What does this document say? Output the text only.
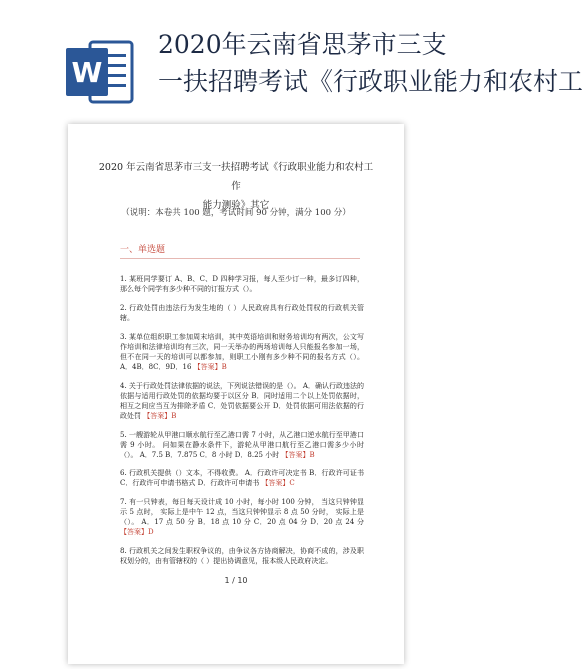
W
2020年云南省思茅市三支
一扶招聘考试《行政职业能力和农村工
2020 年云南省思茅市三支一扶招聘考试《行政职业能力和农村工作
能力测验》其它
（说明：本卷共 100 题，考试时间 90 分钟，满分 100 分）
一、单选题
1. 某班同学要订 A、B、C、D 四种学习报，每人至少订一种，最多订四种，那么每个同学有多少种不同的订报方式（）。
2. 行政处罚由违法行为发生地的（ ）人民政府具有行政处罚权的行政机关管辖。
3. 某单位组织职工参加周末培训，其中英语培训和财务培训均有两次，公文写作培训和法律培训均有三次，同一天举办的两场培训每人只能报名参加一场，但不在同一天的培训可以都参加，则职工小刚有多少种不同的报名方式（）。 A．4B．8C．9D．16 【答案】B
4. 关于行政处罚法律依据的说法，下列说法错误的是（）。 A．确认行政违法的依据与适用行政处罚的依据均要于以区分 B．同时适用二个以上处罚依据时， 相互之间应当互为排除矛盾 C．处罚依据要公开 D．处罚依据可用法依据的行政处罚 【答案】B
5. 一艘游轮从甲港口顺水航行至乙港口需 7 小时，从乙港口逆水航行至甲港口需 9 小时。 问如果在静水条件下，游轮从甲港口航行至乙港口需多少小时（）。 A．7.5 B．7.875 C．8 小时 D．8.25 小时 【答案】B
6. 行政机关提供（）文本，不得收费。 A．行政许可决定书 B．行政许可证书 C．行政许可申请书格式 D．行政许可申请书 【答案】C
7. 有一只钟表，每日每天设计成 10 小时，每小时 100 分钟， 当这只钟钟显示 5 点时， 实际上是中午 12 点，当这只钟钟显示 8 点 50 分时， 实际上是（）。 A．17 点 50 分 B．18 点 10 分 C．20 点 04 分 D．20 点 24 分 【答案】D
8. 行政机关之间发生职权争议的，由争议各方协商解决，协商不成的，涉及职权划分的，由有管辖权的（ ）提出协调意见，报本级人民政府决定。
1 / 10
